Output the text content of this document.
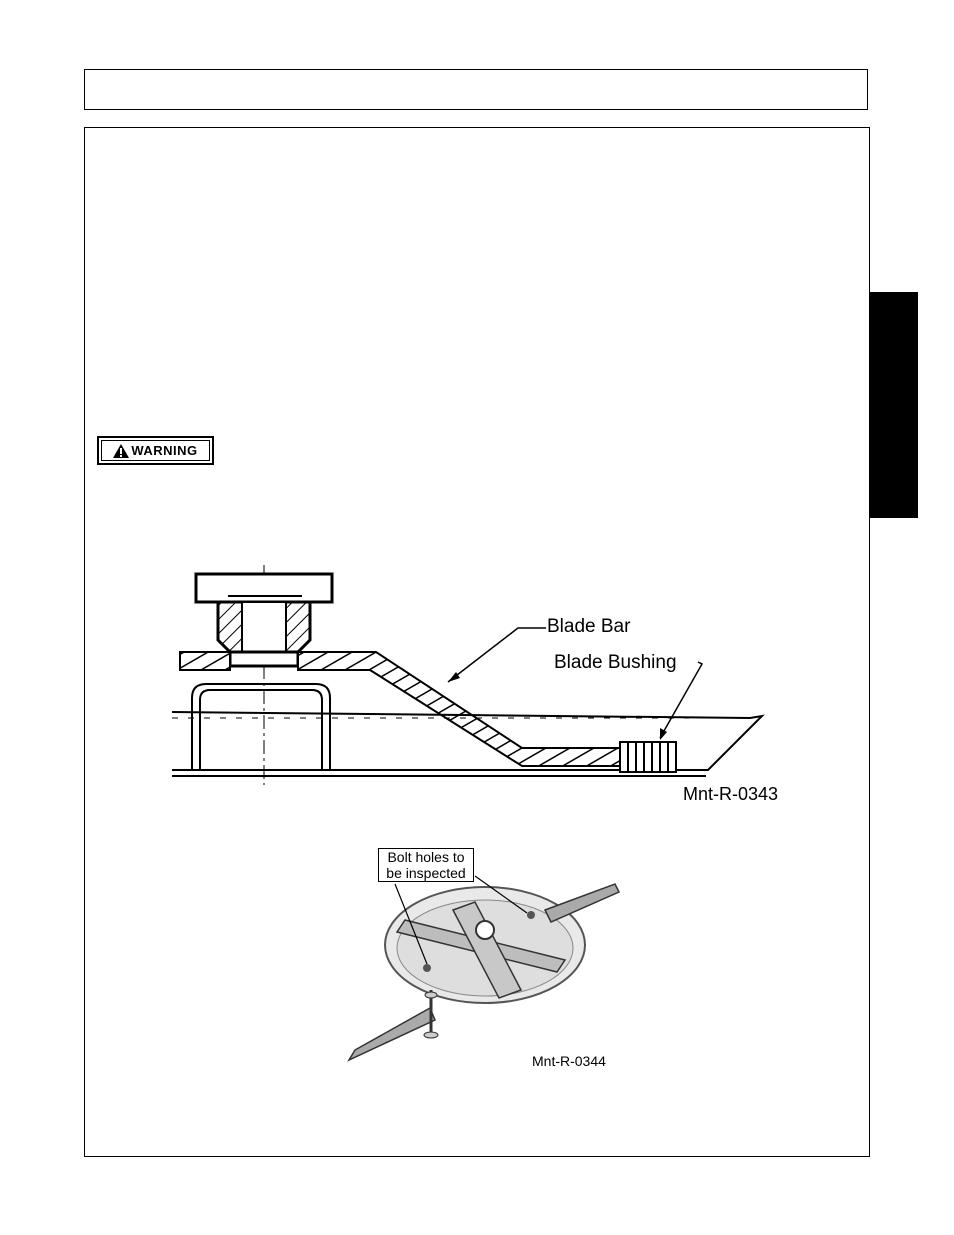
WARNING
Blade Bar
Blade Bushing
Mnt-R-0343
Bolt holes to
be inspected
Mnt-R-0344
